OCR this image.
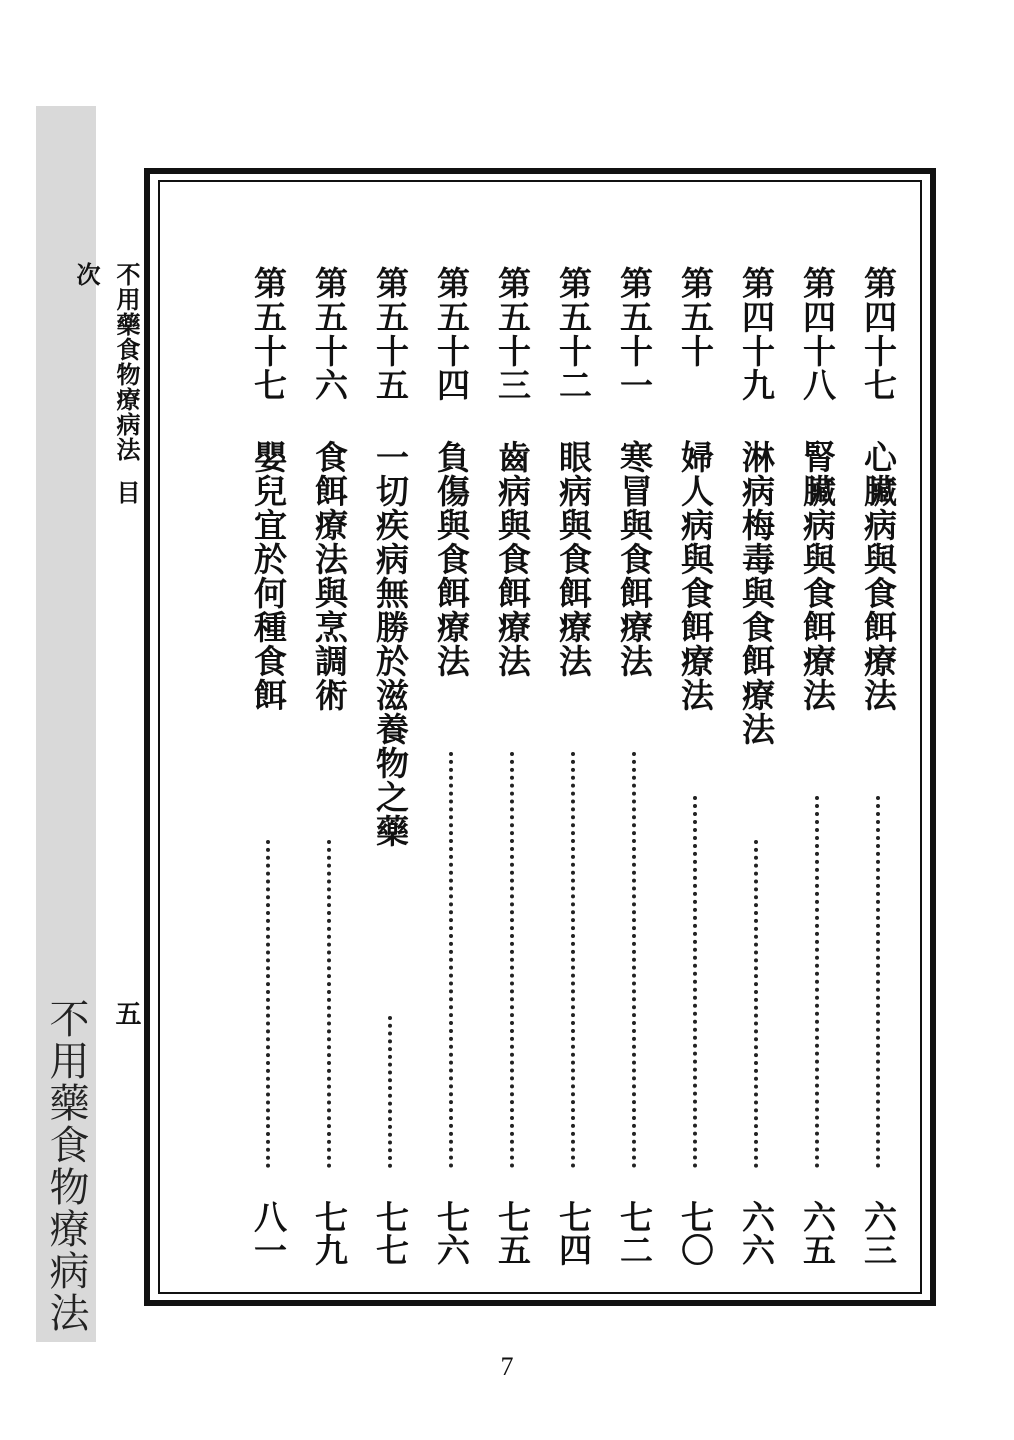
不用藥食物療病法
不用藥食物療病法目次
五
第四十七
心臟病與食餌療法
六三
第四十八
腎臟病與食餌療法
六五
第四十九
淋病梅毒與食餌療法
六六
第五十
婦人病與食餌療法
七〇
第五十一
寒冒與食餌療法
七二
第五十二
眼病與食餌療法
七四
第五十三
齒病與食餌療法
七五
第五十四
負傷與食餌療法
七六
第五十五
一切疾病無勝於滋養物之藥
七七
第五十六
食餌療法與烹調術
七九
第五十七
嬰兒宜於何種食餌
八一
7
